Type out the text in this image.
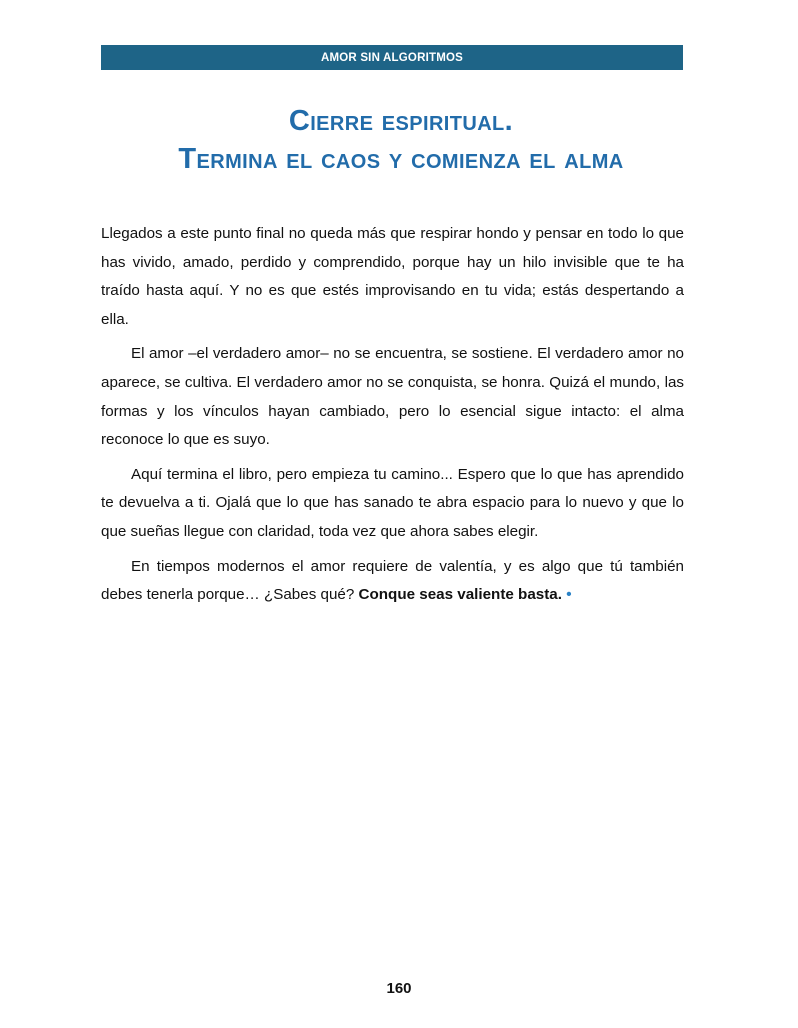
AMOR SIN ALGORITMOS
Cierre espiritual.
Termina el caos y comienza el alma

Llegados a este punto final no queda más que respirar hondo y pensar en todo lo que has vivido, amado, perdido y comprendido, porque hay un hilo invisible que te ha traído hasta aquí. Y no es que estés improvisando en tu vida; estás despertando a ella.

El amor –el verdadero amor– no se encuentra, se sostiene. El verdadero amor no aparece, se cultiva. El verdadero amor no se conquista, se honra. Quizá el mundo, las formas y los vínculos hayan cambiado, pero lo esencial sigue intacto: el alma reconoce lo que es suyo.

Aquí termina el libro, pero empieza tu camino... Espero que lo que has aprendido te devuelva a ti. Ojalá que lo que has sanado te abra espacio para lo nuevo y que lo que sueñas llegue con claridad, toda vez que ahora sabes elegir.

En tiempos modernos el amor requiere de valentía, y es algo que tú también debes tenerla porque… ¿Sabes qué? Conque seas valiente basta. •

160
